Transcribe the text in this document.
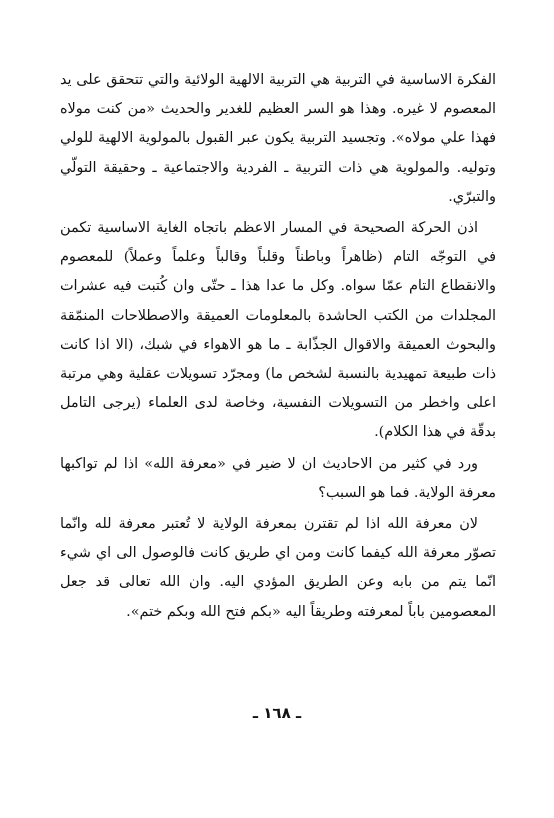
الفكرة الاساسية في التربية هي التربية الالهية الولائية والتي تتحقق على يد المعصوم لا غيره. وهذا هو السر العظيم للغدير والحديث «من كنت مولاه فهذا علي مولاه». وتجسيد التربية يكون عبر القبول بالمولوية الالهية للولي وتوليه. والمولوية هي ذات التربية ـ الفردية والاجتماعية ـ وحقيقة التولّي والتبرّي.

اذن الحركة الصحيحة في المسار الاعظم باتجاه الغاية الاساسية تكمن في التوجّه التام (ظاهراً وباطناً وقلباً وقالباً وعلماً وعملاً) للمعصوم والانقطاع التام عمّا سواه. وكل ما عدا هذا ـ حتّى وان كُتبت فيه عشرات المجلدات من الكتب الحاشدة بالمعلومات العميقة والاصطلاحات المنمّقة والبحوث العميقة والاقوال الجذّابة ـ ما هو الاهواء في شبك، (الا اذا كانت ذات طبيعة تمهيدية بالنسبة لشخص ما) ومجرّد تسويلات عقلية وهي مرتبة اعلى واخطر من التسويلات النفسية، وخاصة لدى العلماء (يرجى التامل بدقّة في هذا الكلام).

ورد في كثير من الاحاديث ان لا ضير في «معرفة الله» اذا لم تواكبها معرفة الولاية. فما هو السبب؟

لان معرفة الله اذا لم تقترن بمعرفة الولاية لا تُعتبر معرفة لله وانّما تصوّر معرفة الله كيفما كانت ومن اي طريق كانت فالوصول الى اي شيء انّما يتم من بابه وعن الطريق المؤدي اليه. وان الله تعالى قد جعل المعصومين باباً لمعرفته وطريقاً اليه «بكم فتح الله وبكم ختم».

ـ ١٦٨ ـ
